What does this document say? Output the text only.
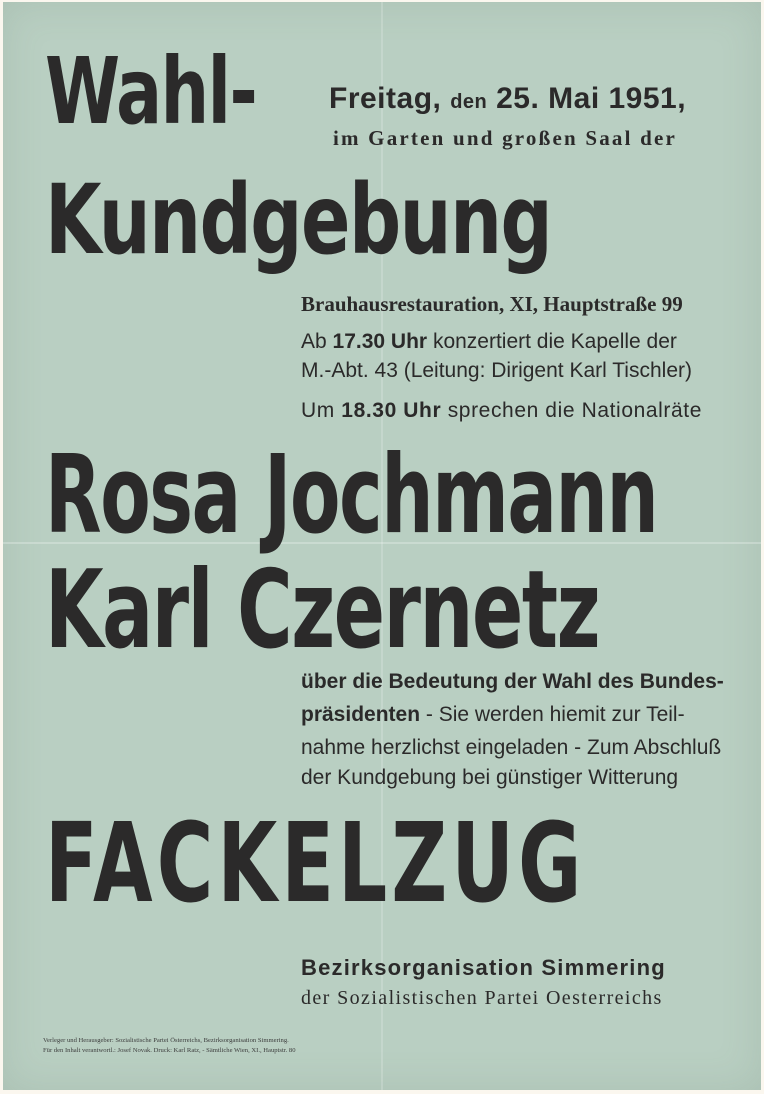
Wahl-
Kundgebung
Freitag, den 25. Mai 1951,
im Garten und großen Saal der
Brauhausrestauration, XI, Hauptstraße 99
Ab 17.30 Uhr konzertiert die Kapelle der
M.-Abt. 43 (Leitung: Dirigent Karl Tischler)
Um 18.30 Uhr sprechen die Nationalräte
Rosa Jochmann
Karl Czernetz
über die Bedeutung der Wahl des Bundes-
präsidenten - Sie werden hiemit zur Teil-
nahme herzlichst eingeladen - Zum Abschluß
der Kundgebung bei günstiger Witterung
FACKELZUG
Bezirksorganisation Simmering
der Sozialistischen Partei Oesterreichs
Verleger und Herausgeber: Sozialistische Partei Österreichs, Bezirksorganisation Simmering.
Für den Inhalt verantwortl.: Josef Novak. Druck: Karl Ratz, - Sämtliche Wien, XI., Hauptstr. 80
